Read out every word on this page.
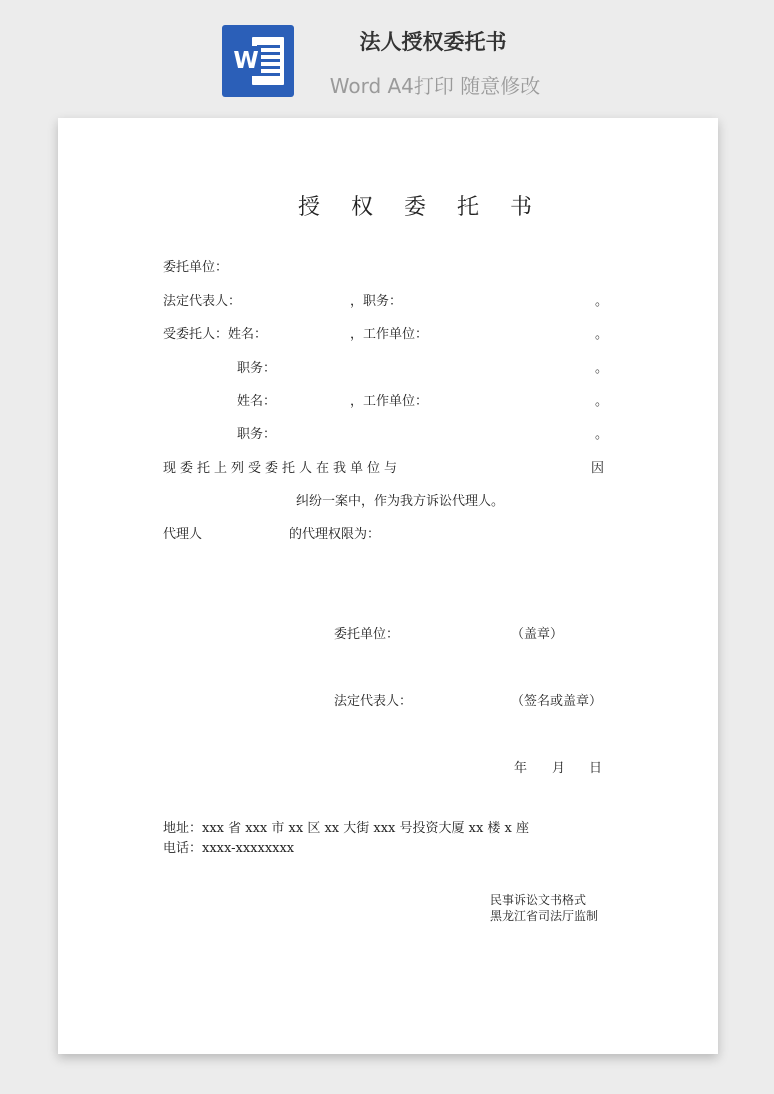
W
法人授权委托书
Word A4打印 随意修改
授 权 委 托 书
委托单位：
法定代表人：	，职务：	。
受委托人：姓名：	，工作单位：	。
职务：	。
姓名：	，工作单位：	。
职务：	。
现委托上列受委托人在我单位与	因
纠纷一案中，作为我方诉讼代理人。
代理人	的代理权限为：
委托单位：	（盖章）
法定代表人：	（签名或盖章）
年 月 日
地址：xxx 省 xxx 市 xx 区 xx 大街 xxx 号投资大厦 xx 楼 x 座
电话：xxxx-xxxxxxxx
民事诉讼文书格式
黑龙江省司法厅监制
